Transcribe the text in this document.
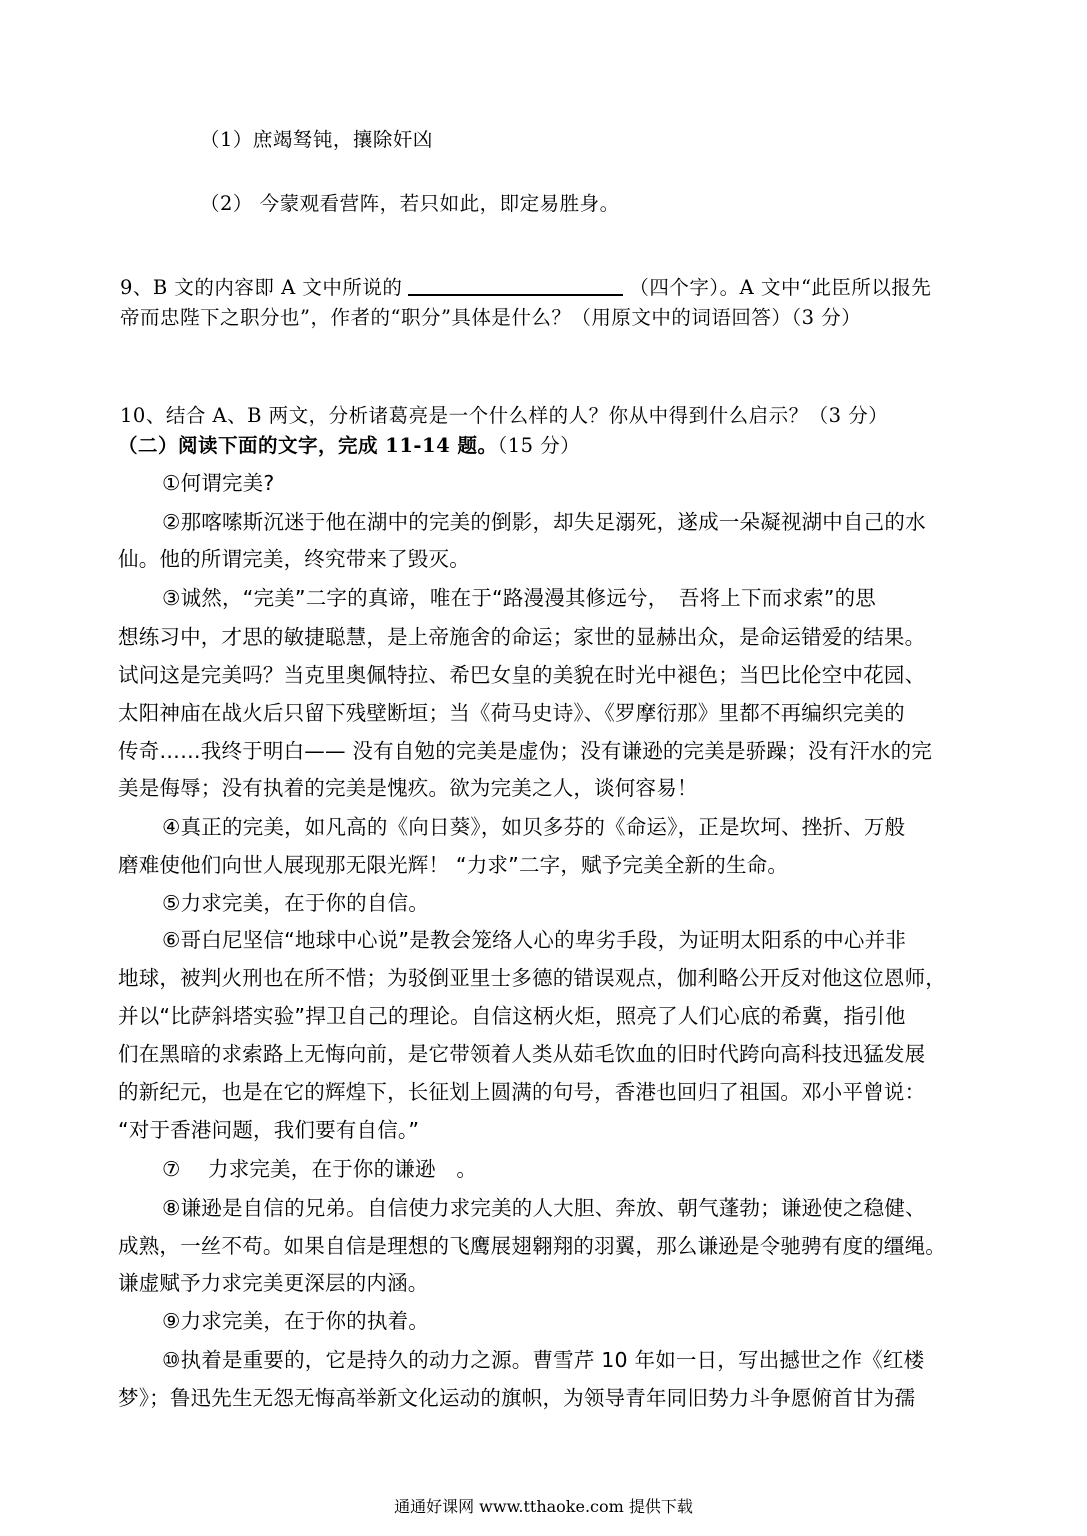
（1）庶竭驽钝，攘除奸凶
（2） 今蒙观看营阵，若只如此，即定易胜身。
9、B 文的内容即 A 文中所说的	（四个字）。A 文中“此臣所以报先
帝而忠陛下之职分也”，作者的“职分”具体是什么？（用原文中的词语回答）（3 分）
10、结合 A、B 两文，分析诸葛亮是一个什么样的人？你从中得到什么启示？（3 分）
（二）阅读下面的文字，完成 11-14 题。（15 分）
①何谓完美?
②那喀嗦斯沉迷于他在湖中的完美的倒影，却失足溺死，遂成一朵凝视湖中自己的水
仙。他的所谓完美，终究带来了毁灭。
③诚然，“完美”二字的真谛，唯在于“路漫漫其修远兮，　吾将上下而求索”的思
想练习中，才思的敏捷聪慧，是上帝施舍的命运；家世的显赫出众，是命运错爱的结果。
试问这是完美吗？当克里奥佩特拉、希巴女皇的美貌在时光中褪色；当巴比伦空中花园、
太阳神庙在战火后只留下残壁断垣；当《荷马史诗》、《罗摩衍那》里都不再编织完美的
传奇……我终于明白—— 没有自勉的完美是虚伪；没有谦逊的完美是骄躁；没有汗水的完
美是侮辱；没有执着的完美是愧疚。欲为完美之人，谈何容易！
④真正的完美，如凡高的《向日葵》，如贝多芬的《命运》，正是坎坷、挫折、万般
磨难使他们向世人展现那无限光辉！ “力求”二字，赋予完美全新的生命。
⑤力求完美，在于你的自信。
⑥哥白尼坚信“地球中心说”是教会笼络人心的卑劣手段，为证明太阳系的中心并非
地球，被判火刑也在所不惜；为驳倒亚里士多德的错误观点，伽利略公开反对他这位恩师，
并以“比萨斜塔实验”捍卫自己的理论。自信这柄火炬，照亮了人们心底的希冀，指引他
们在黑暗的求索路上无悔向前，是它带领着人类从茹毛饮血的旧时代跨向高科技迅猛发展
的新纪元，也是在它的辉煌下，长征划上圆满的句号，香港也回归了祖国。邓小平曾说：
“对于香港问题，我们要有自信。”
⑦　 力求完美，在于你的谦逊　。
⑧谦逊是自信的兄弟。自信使力求完美的人大胆、奔放、朝气蓬勃；谦逊使之稳健、
成熟，一丝不苟。如果自信是理想的飞鹰展翅翱翔的羽翼，那么谦逊是令驰骋有度的缰绳。
谦虚赋予力求完美更深层的内涵。
⑨力求完美，在于你的执着。
⑩执着是重要的，它是持久的动力之源。曹雪芹 10 年如一日，写出撼世之作《红楼
梦》；鲁迅先生无怨无悔高举新文化运动的旗帜，为领导青年同旧势力斗争愿俯首甘为孺
通通好课网 www.tthaoke.com 提供下载
